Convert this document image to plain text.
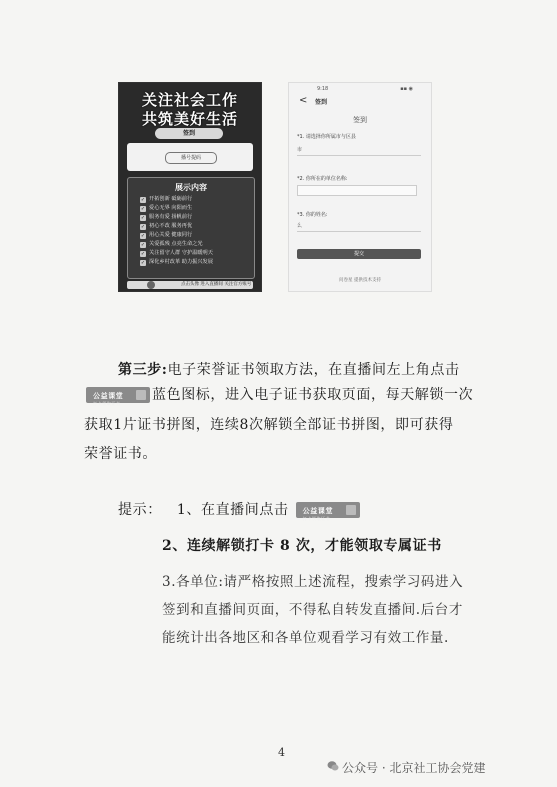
关注社会工作
共筑美好生活
签到
播号提码
展示内容
✓ 开拓创新 砥砺前行
✓ 爱心无界 向阳而生
✓ 服务有爱 扬帆前行
✓ 初心不改 服务再优
✓ 用心关爱 健康同行
✓ 关爱孤残 点亮生命之光
✓ 关注留守人群 守护温暖明天
✓ 深化乡村改革 助力振兴发展
点击头像 进入直播间 关注官方账号
9:18	▪▪ ◉
< 签到
签到
*1. 请选择你所属市与区县
市
*2. 你所在的单位名称:
*3. 你的姓名:
么
提交
问卷星 提供技术支持
第三步:电子荣誉证书领取方法，在直播间左上角点击
公益课堂
打卡领取证书
蓝色图标，进入电子证书获取页面，每天解锁一次
获取1片证书拼图，连续8次解锁全部证书拼图，即可获得
荣誉证书。
提示： 1、在直播间点击 公益课堂
打卡领取证书
2、连续解锁打卡 8 次，才能领取专属证书
3.各单位:请严格按照上述流程，搜索学习码进入
签到和直播间页面，不得私自转发直播间.后台才
能统计出各地区和各单位观看学习有效工作量.
4
公众号 · 北京社工协会党建
